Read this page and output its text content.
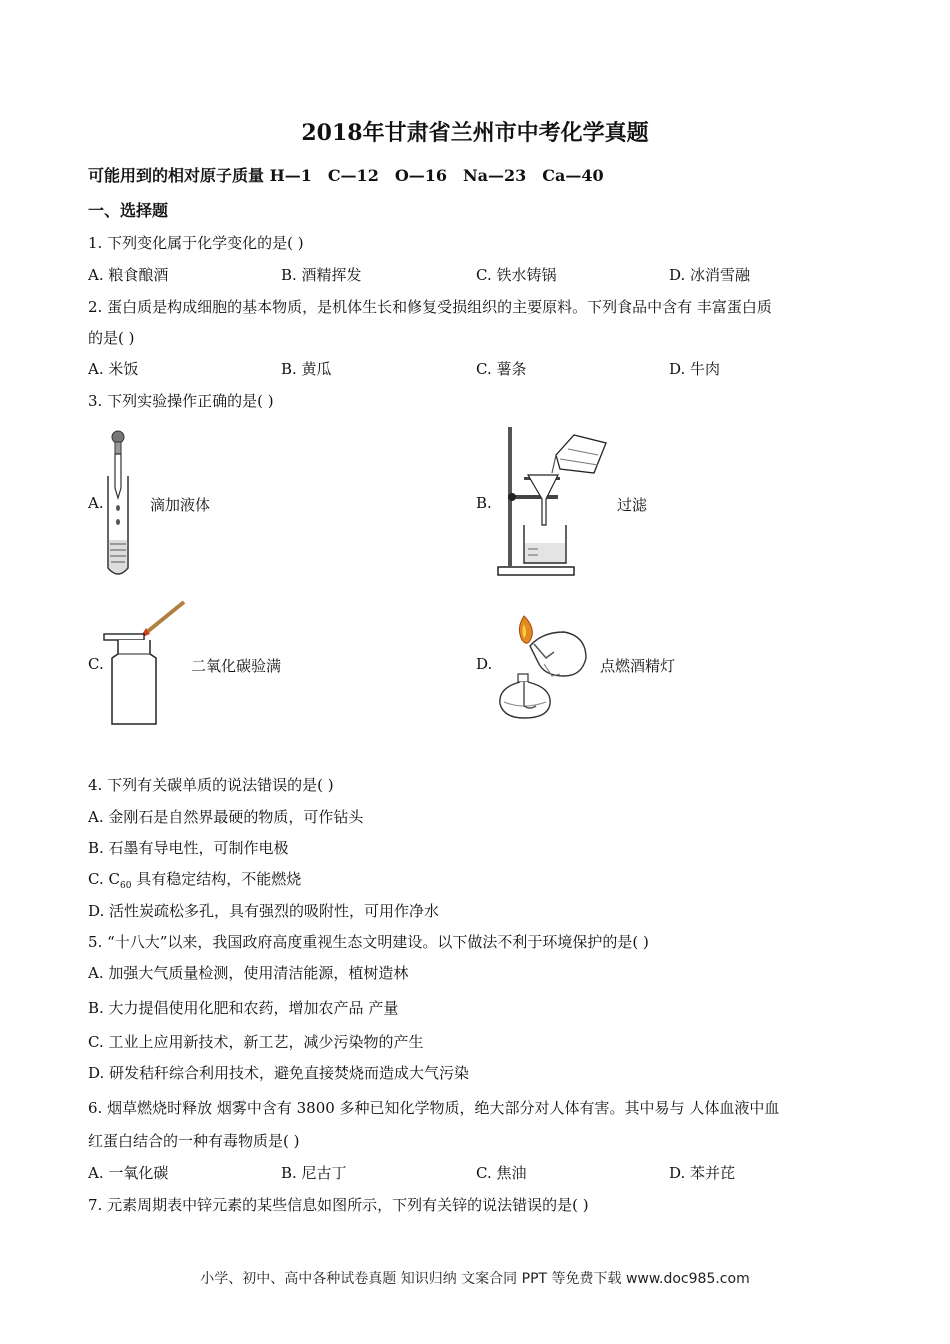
2018年甘肃省兰州市中考化学真题
可能用到的相对原子质量 H—1　C—12　O—16　Na—23　Ca—40
一、选择题
1. 下列变化属于化学变化的是( )
A. 粮食酿酒	B. 酒精挥发	C. 铁水铸锅	D. 冰消雪融
2. 蛋白质是构成细胞的基本物质，是机体生长和修复受损组织的主要原料。下列食品中含有 丰富蛋白质
的是( )
A. 米饭	B. 黄瓜	C. 薯条	D. 牛肉
3. 下列实验操作正确的是( )
A.	滴加液体	B.	过滤
C.	二氧化碳验满	D.	点燃酒精灯
4. 下列有关碳单质的说法错误的是( )
A. 金刚石是自然界最硬的物质，可作钻头
B. 石墨有导电性，可制作电极
C. $C_{60}$ 具有稳定结构，不能燃烧
D. 活性炭疏松多孔，具有强烈的吸附性，可用作净水
5. “十八大”以来，我国政府高度重视生态文明建设。以下做法不利于环境保护的是( )
A. 加强大气质量检测，使用清洁能源，植树造林
B. 大力提倡使用化肥和农药，增加农产品 产量
C. 工业上应用新技术，新工艺，减少污染物的产生
D. 研发秸秆综合利用技术，避免直接焚烧而造成大气污染
6. 烟草燃烧时释放 烟雾中含有 3800 多种已知化学物质，绝大部分对人体有害。其中易与 人体血液中血
红蛋白结合的一种有毒物质是( )
A. 一氧化碳	B. 尼古丁	C. 焦油	D. 苯并芘
7. 元素周期表中锌元素的某些信息如图所示，下列有关锌的说法错误的是( )
小学、初中、高中各种试卷真题 知识归纳 文案合同 PPT 等免费下载 www.doc985.com
